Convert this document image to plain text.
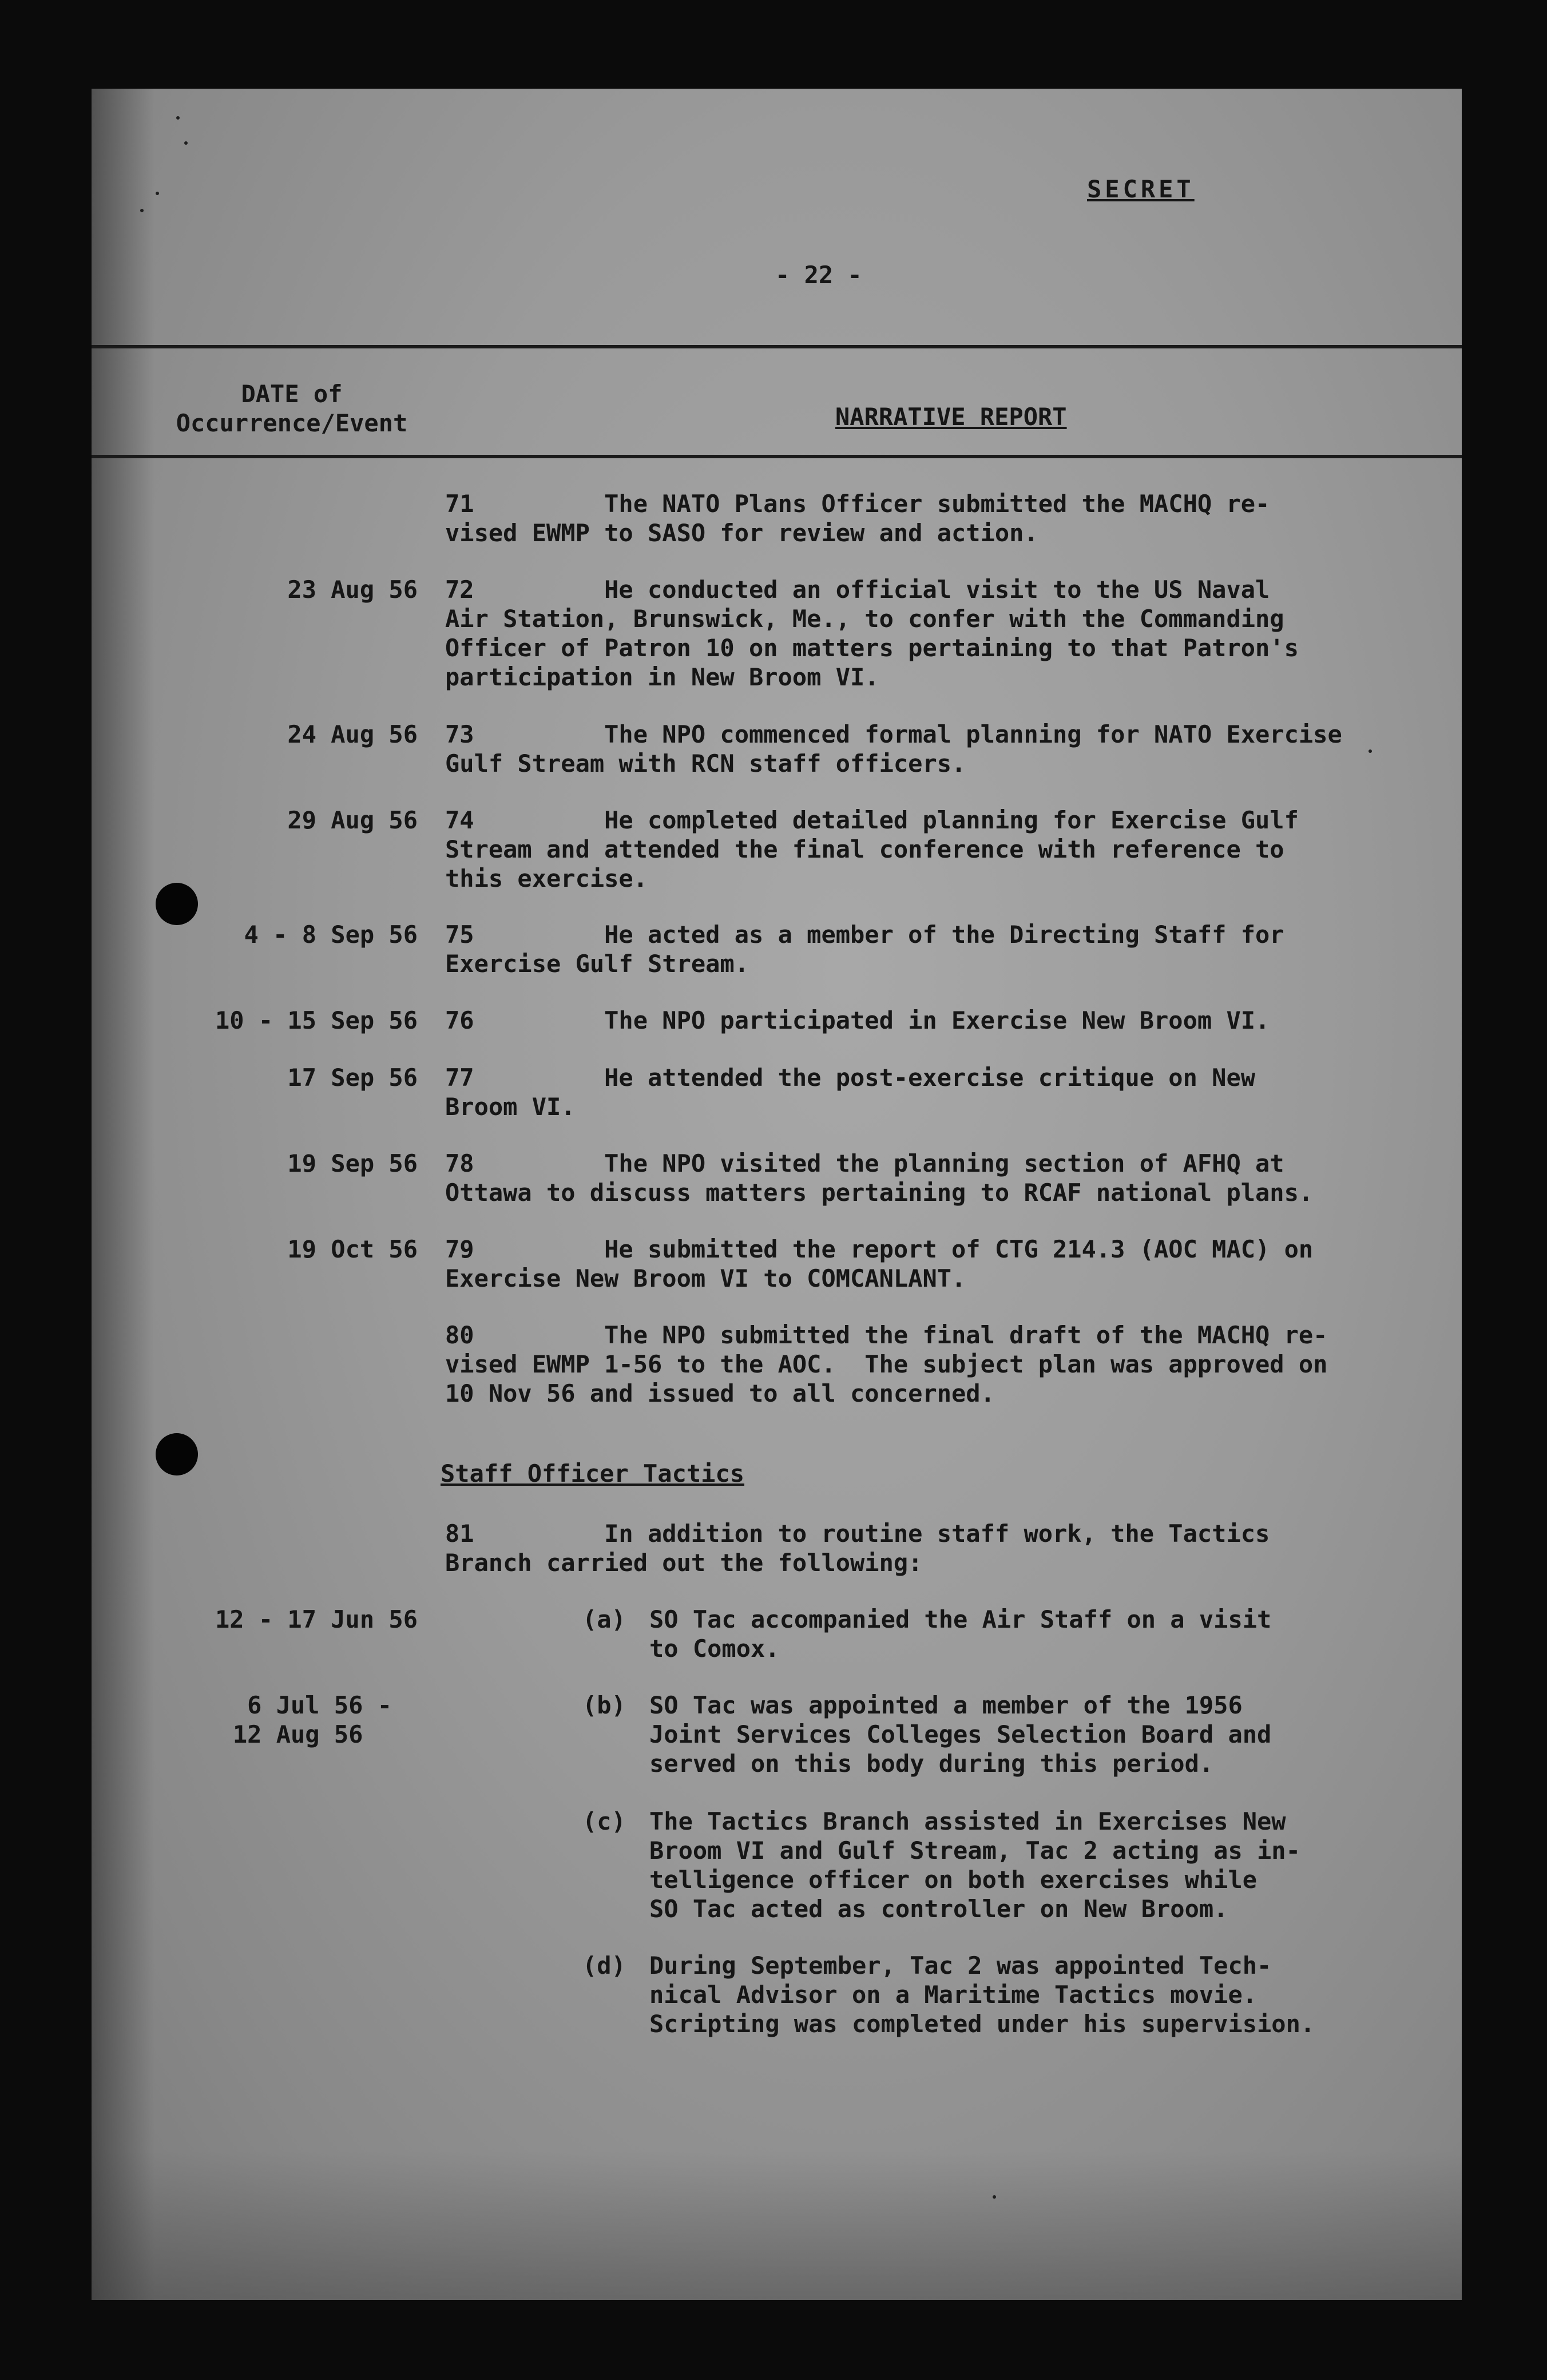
SECRET
- 22 -
DATE of
Occurrence/Event	NARRATIVE REPORT
71         The NATO Plans Officer submitted the MACHQ re-
vised EWMP to SASO for review and action.
23 Aug 56 72         He conducted an official visit to the US Naval
Air Station, Brunswick, Me., to confer with the Commanding
Officer of Patron 10 on matters pertaining to that Patron's
participation in New Broom VI.
24 Aug 56 73         The NPO commenced formal planning for NATO Exercise
Gulf Stream with RCN staff officers.
29 Aug 56 74         He completed detailed planning for Exercise Gulf
Stream and attended the final conference with reference to
this exercise.
4 - 8 Sep 56 75         He acted as a member of the Directing Staff for
Exercise Gulf Stream.
10 - 15 Sep 56 76         The NPO participated in Exercise New Broom VI.
17 Sep 56 77         He attended the post-exercise critique on New
Broom VI.
19 Sep 56 78         The NPO visited the planning section of AFHQ at
Ottawa to discuss matters pertaining to RCAF national plans.
19 Oct 56 79         He submitted the report of CTG 214.3 (AOC MAC) on
Exercise New Broom VI to COMCANLANT.
80         The NPO submitted the final draft of the MACHQ re-
vised EWMP 1-56 to the AOC.  The subject plan was approved on
10 Nov 56 and issued to all concerned.
Staff Officer Tactics
81         In addition to routine staff work, the Tactics
Branch carried out the following:
12 - 17 Jun 56	(a) SO Tac accompanied the Air Staff on a visit
to Comox.
6 Jul 56 -
12 Aug 56
(b) SO Tac was appointed a member of the 1956
Joint Services Colleges Selection Board and
served on this body during this period.
(c) The Tactics Branch assisted in Exercises New
Broom VI and Gulf Stream, Tac 2 acting as in-
telligence officer on both exercises while
SO Tac acted as controller on New Broom.
(d) During September, Tac 2 was appointed Tech-
nical Advisor on a Maritime Tactics movie.
Scripting was completed under his supervision.
